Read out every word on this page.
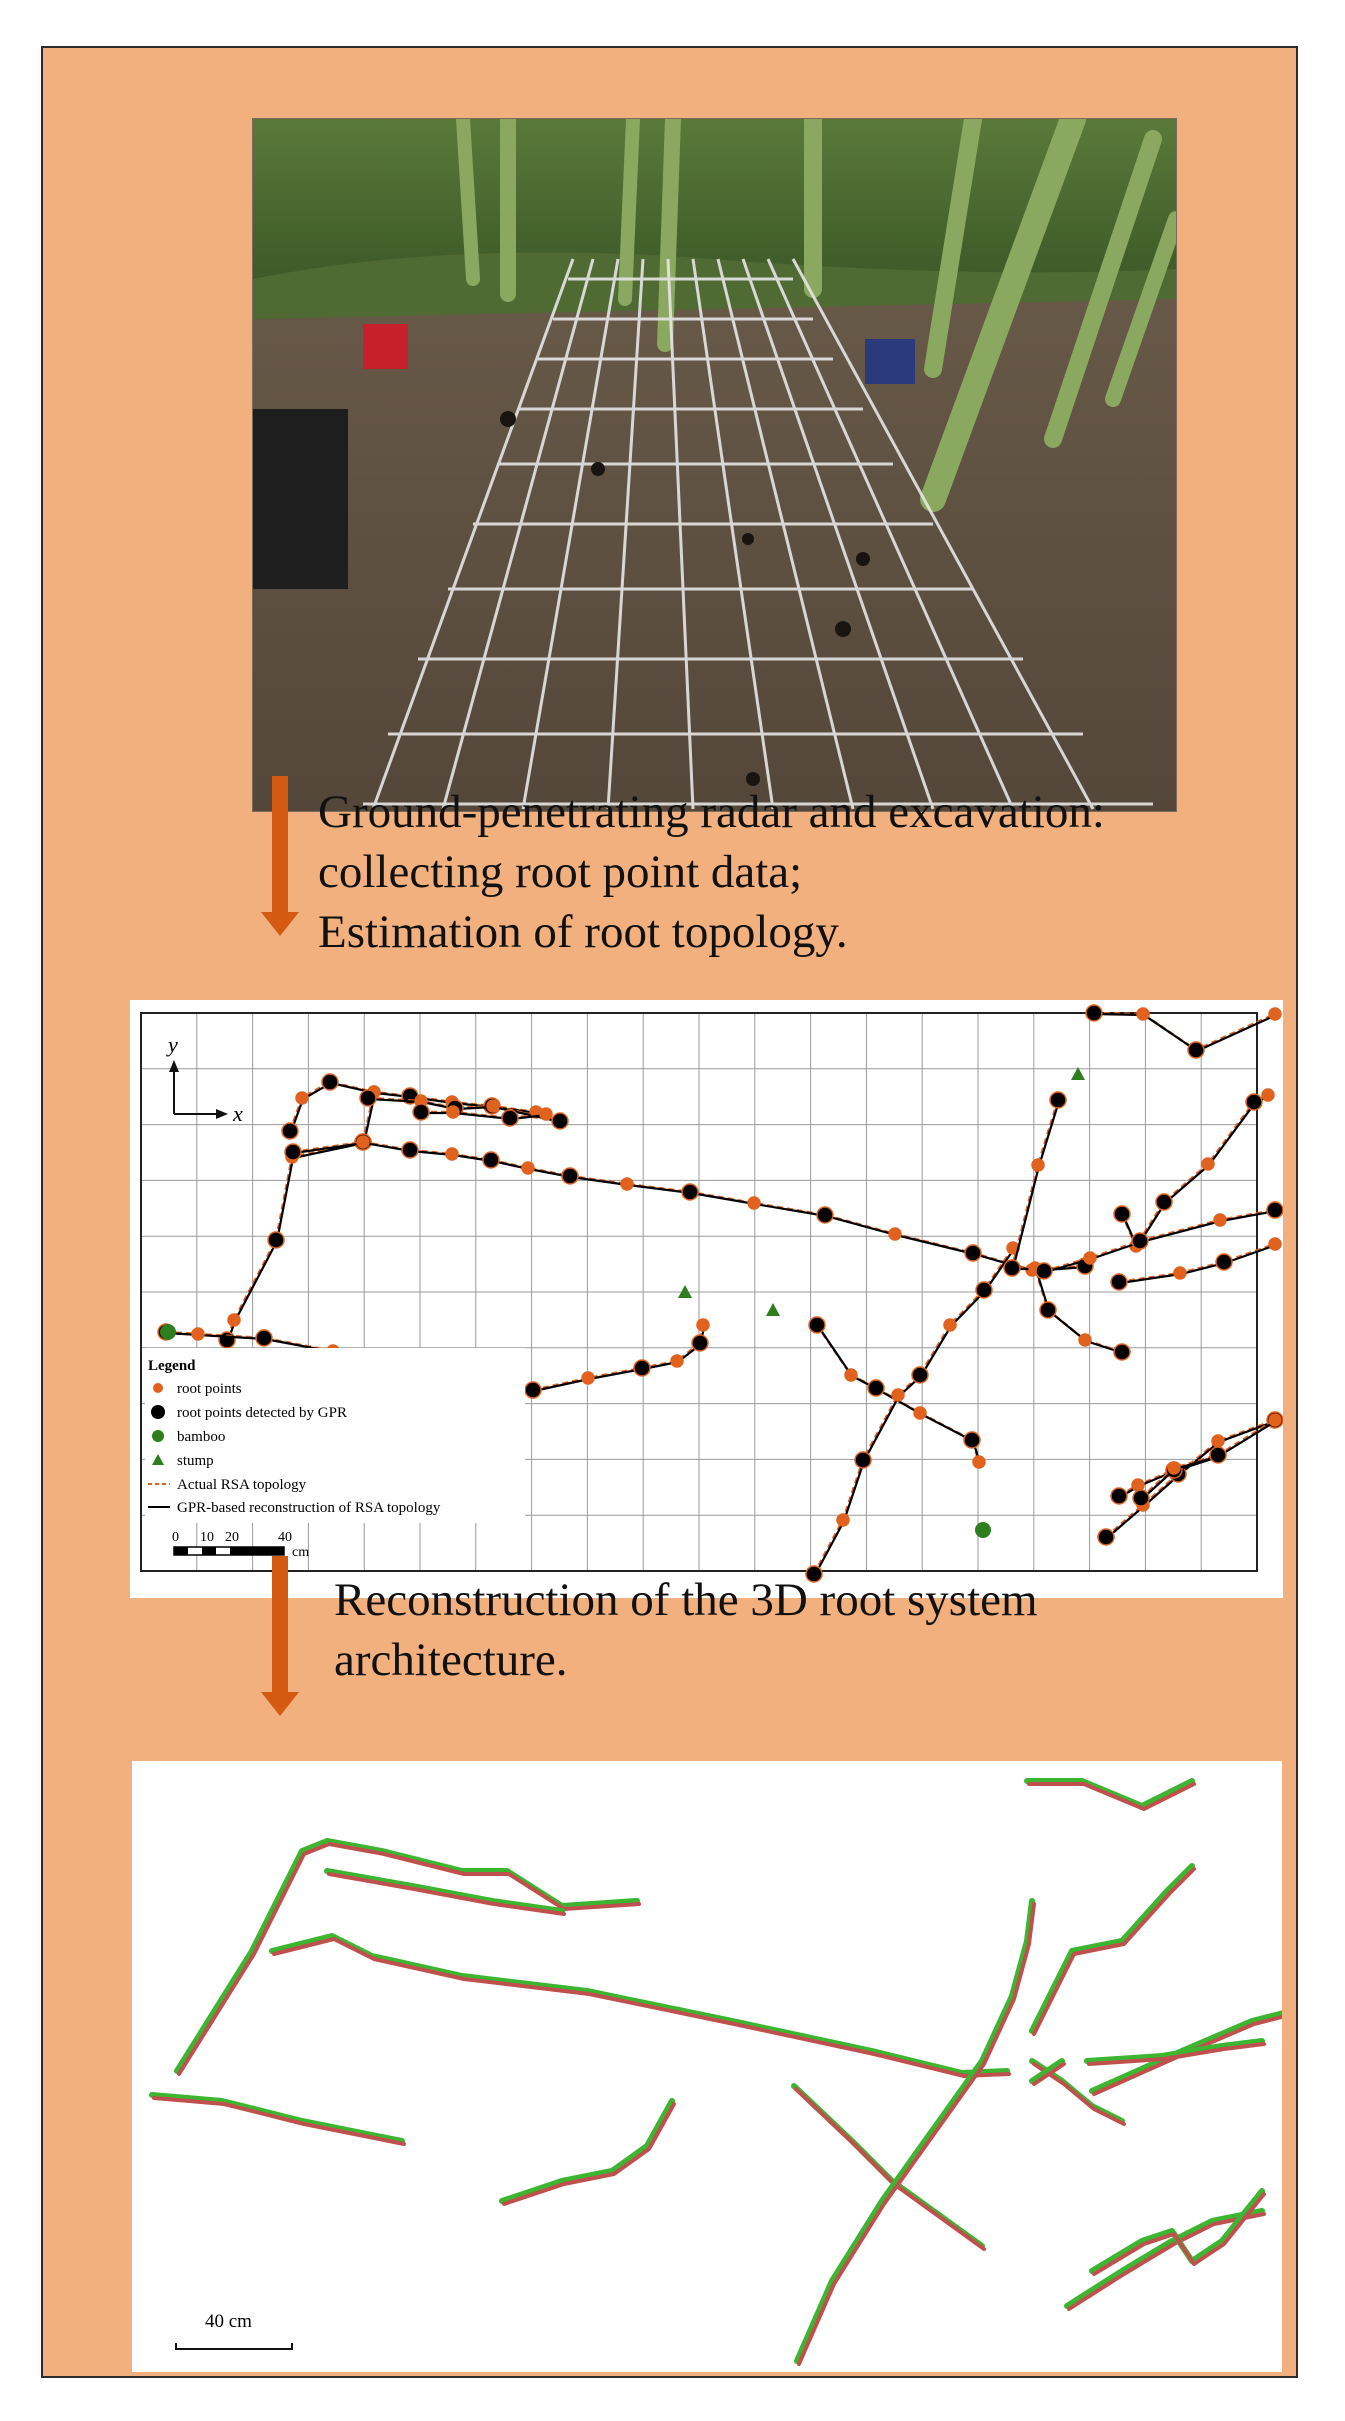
Ground-penetrating radar and excavation:
collecting root point data;
Estimation of root topology.
y
x
Legend
root points
root points detected by GPR
bamboo
stump
Actual RSA topology
GPR-based reconstruction of RSA topology
0 10 20	40
cm
Reconstruction of the 3D root system
architecture.
40 cm
